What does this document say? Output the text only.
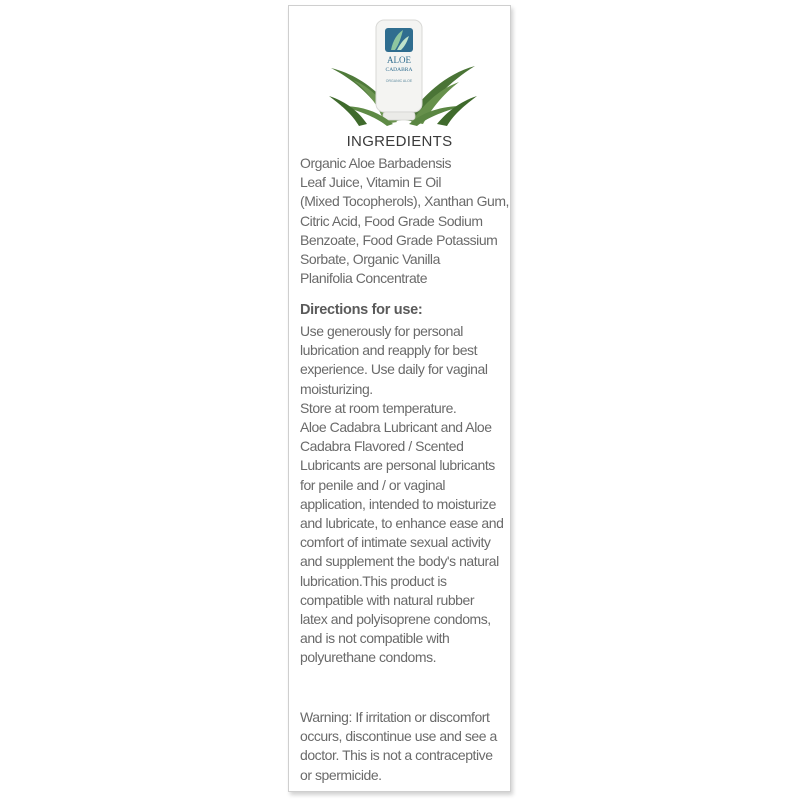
ALOE
CADABRA
ORGANIC ALOE
INGREDIENTS
Organic Aloe Barbadensis
Leaf Juice, Vitamin E Oil
(Mixed Tocopherols), Xanthan Gum,
Citric Acid, Food Grade Sodium
Benzoate, Food Grade Potassium
Sorbate, Organic Vanilla
Planifolia Concentrate
Directions for use:
Use generously for personal
lubrication and reapply for best
experience. Use daily for vaginal
moisturizing.
Store at room temperature.
Aloe Cadabra Lubricant and Aloe
Cadabra Flavored / Scented
Lubricants are personal lubricants
for penile and / or vaginal
application, intended to moisturize
and lubricate, to enhance ease and
comfort of intimate sexual activity
and supplement the body's natural
lubrication.This product is
compatible with natural rubber
latex and polyisoprene condoms,
and is not compatible with
polyurethane condoms.
Warning: If irritation or discomfort
occurs, discontinue use and see a
doctor. This is not a contraceptive
or spermicide.
